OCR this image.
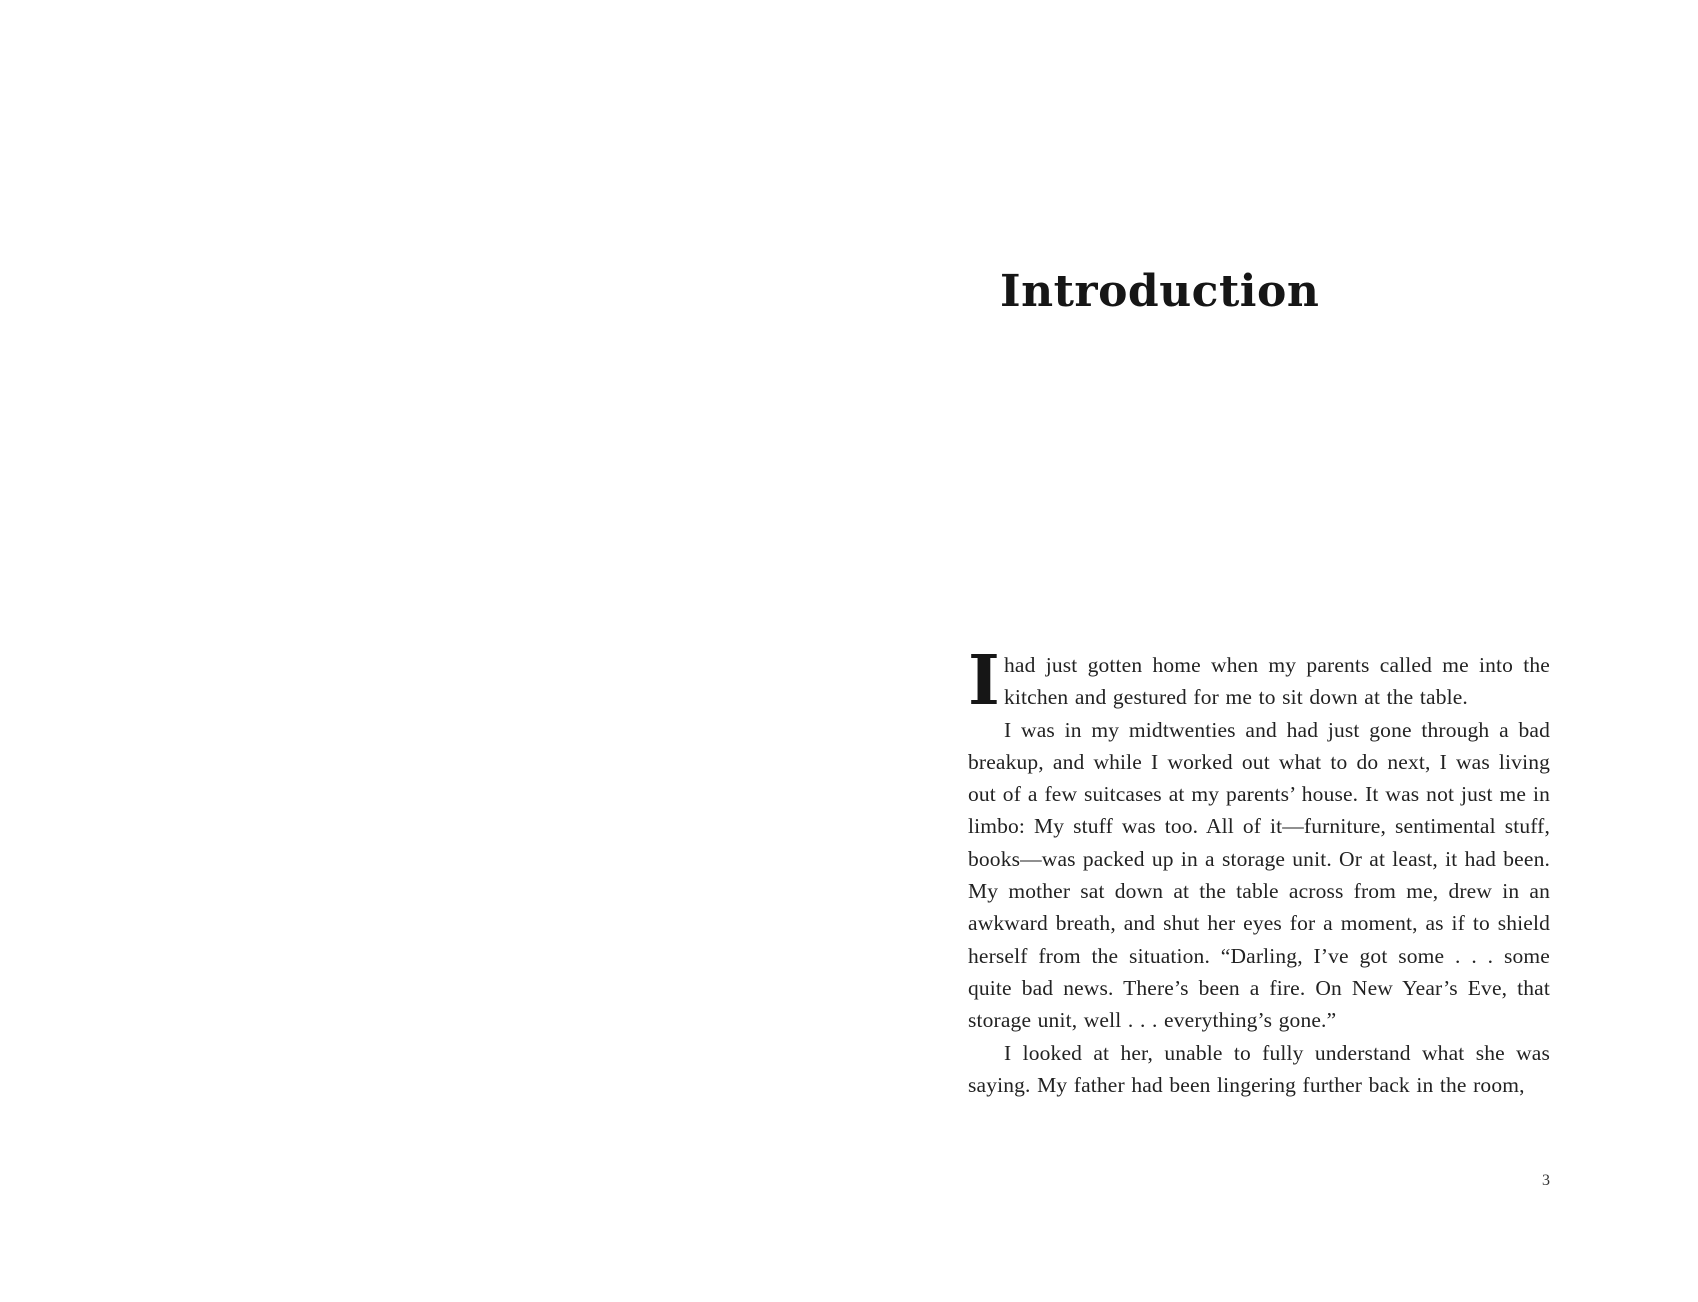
Introduction
I had just gotten home when my parents called me into the kitchen and gestured for me to sit down at the table.

I was in my midtwenties and had just gone through a bad breakup, and while I worked out what to do next, I was living out of a few suitcases at my parents’ house. It was not just me in limbo: My stuff was too. All of it—furniture, sentimental stuff, books—was packed up in a storage unit. Or at least, it had been. My mother sat down at the table across from me, drew in an awkward breath, and shut her eyes for a moment, as if to shield herself from the situation. “Darling, I’ve got some . . . some quite bad news. There’s been a fire. On New Year’s Eve, that storage unit, well . . . everything’s gone.”

I looked at her, unable to fully understand what she was saying. My father had been lingering further back in the room,

3
